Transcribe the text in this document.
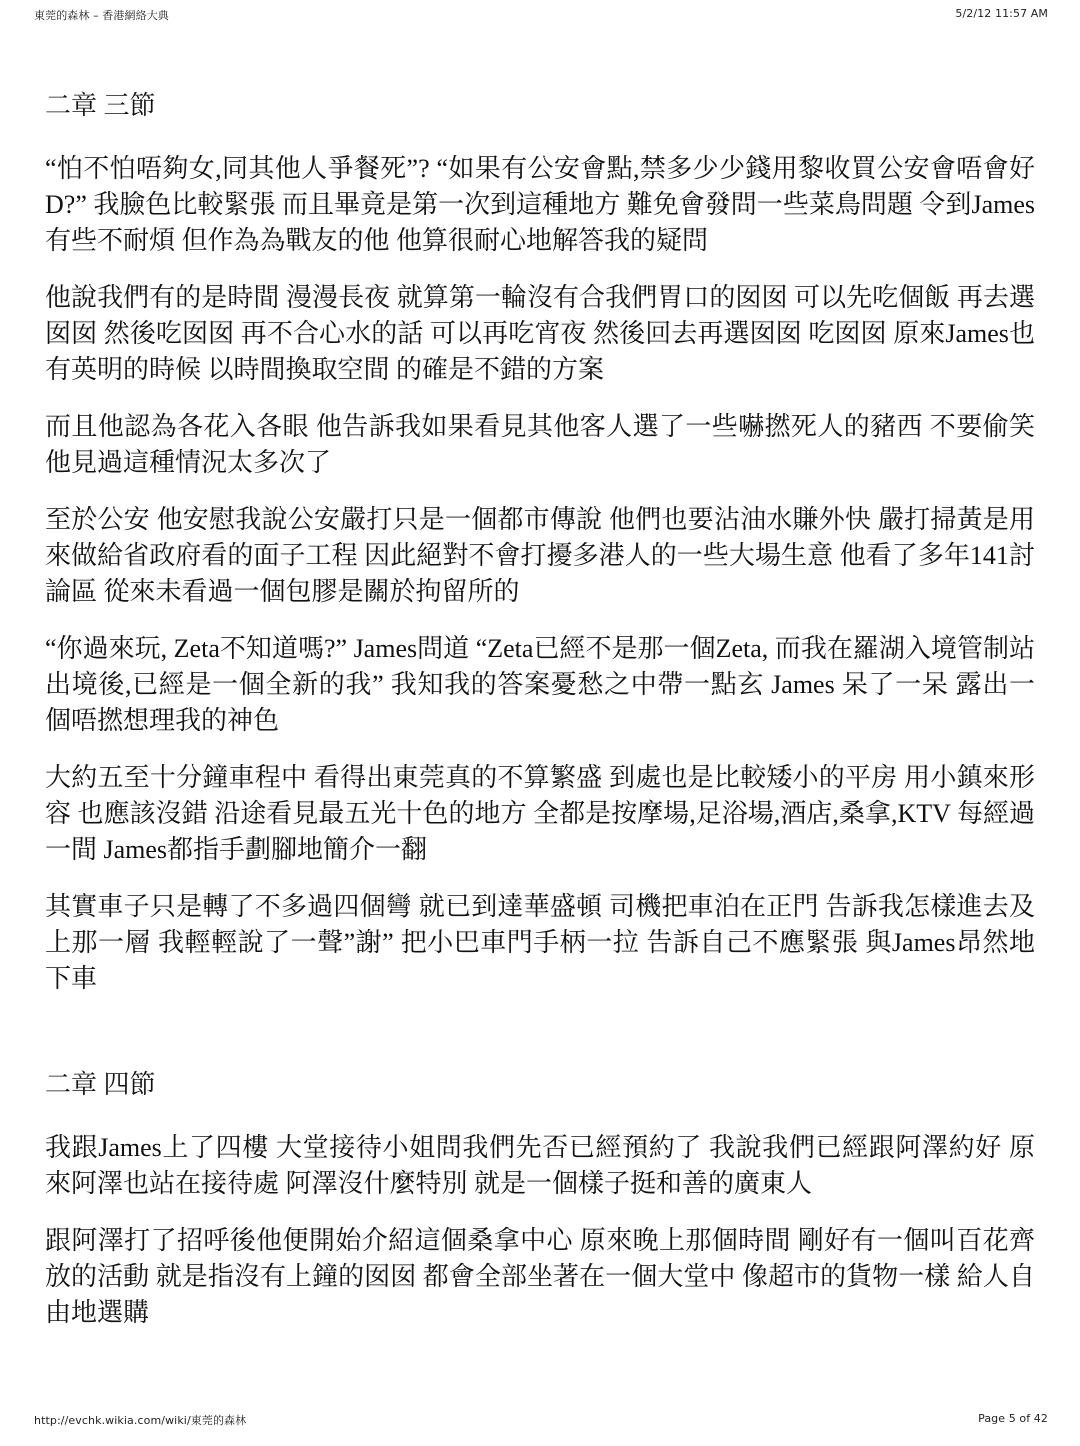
東莞的森林 – 香港網絡大典	5/2/12 11:57 AM
二章 三節

“怕不怕唔夠女,同其他人爭餐死”? “如果有公安會點,禁多少少錢用黎收買公安會唔會好D?” 我臉色比較緊張 而且畢竟是第一次到這種地方 難免會發問一些菜鳥問題 令到James有些不耐煩 但作為為戰友的他 他算很耐心地解答我的疑問

他說我們有的是時間 漫漫長夜 就算第一輪沒有合我們胃口的囡囡 可以先吃個飯 再去選囡囡 然後吃囡囡 再不合心水的話 可以再吃宵夜 然後回去再選囡囡 吃囡囡 原來James也有英明的時候 以時間換取空間 的確是不錯的方案

而且他認為各花入各眼 他告訴我如果看見其他客人選了一些嚇撚死人的豬西 不要偷笑 他見過這種情況太多次了

至於公安 他安慰我說公安嚴打只是一個都市傳說 他們也要沾油水賺外快 嚴打掃黃是用來做給省政府看的面子工程 因此絕對不會打擾多港人的一些大場生意 他看了多年141討論區 從來未看過一個包膠是關於拘留所的

“你過來玩, Zeta不知道嗎?” James問道 “Zeta已經不是那一個Zeta, 而我在羅湖入境管制站出境後,已經是一個全新的我” 我知我的答案憂愁之中帶一點玄 James 呆了一呆 露出一個唔撚想理我的神色

大約五至十分鐘車程中 看得出東莞真的不算繁盛 到處也是比較矮小的平房 用小鎮來形容 也應該沒錯 沿途看見最五光十色的地方 全都是按摩場,足浴場,酒店,桑拿,KTV 每經過一間 James都指手劃腳地簡介一翻

其實車子只是轉了不多過四個彎 就已到達華盛頓 司機把車泊在正門 告訴我怎樣進去及上那一層 我輕輕說了一聲”謝” 把小巴車門手柄一拉 告訴自己不應緊張 與James昂然地下車

二章 四節

我跟James上了四樓 大堂接待小姐問我們先否已經預約了 我說我們已經跟阿澤約好 原來阿澤也站在接待處 阿澤沒什麼特別 就是一個樣子挺和善的廣東人

跟阿澤打了招呼後他便開始介紹這個桑拿中心 原來晚上那個時間 剛好有一個叫百花齊放的活動 就是指沒有上鐘的囡囡 都會全部坐著在一個大堂中 像超市的貨物一樣 給人自由地選購

http://evchk.wikia.com/wiki/東莞的森林	Page 5 of 42
